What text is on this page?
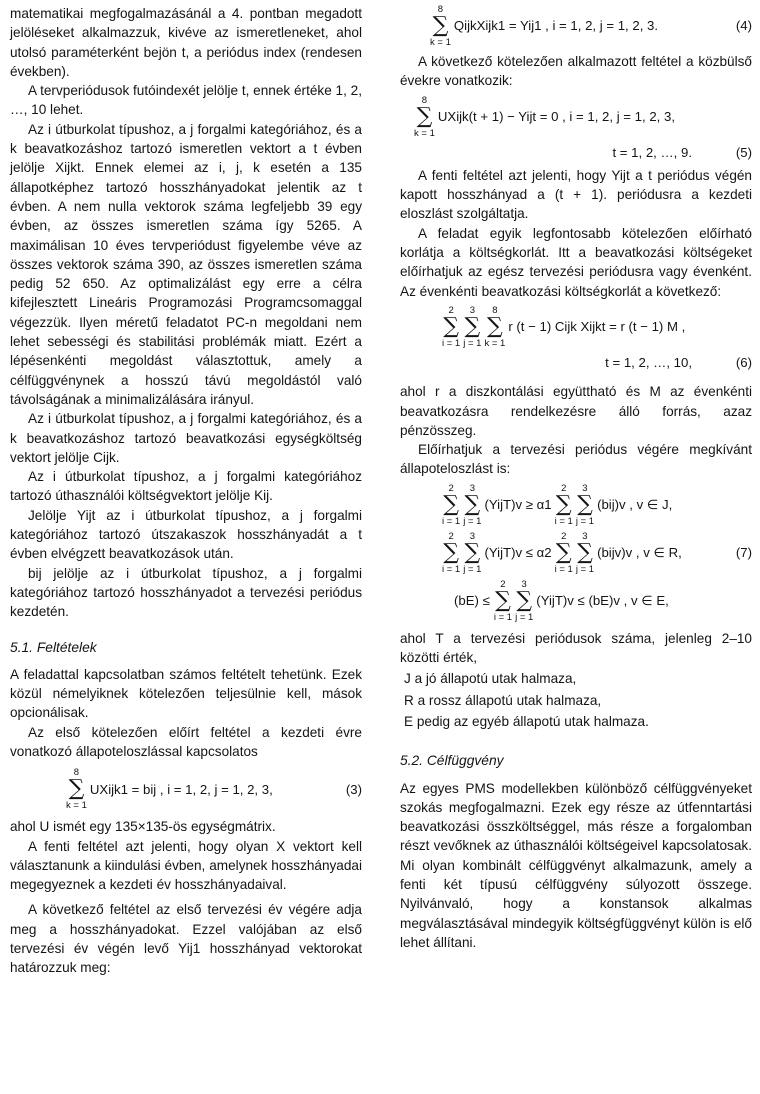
matematikai megfogalmazásánál a 4. pontban megadott jelöléseket alkalmazzuk, kivéve az ismeretleneket, ahol utolsó paraméterként bejön t, a periódus index (rendesen években).

A tervperiódusok futóindexét jelölje t, ennek értéke 1, 2, …, 10 lehet.

Az i útburkolat típushoz, a j forgalmi kategóriához, és a k beavatkozáshoz tartozó ismeretlen vektort a t évben jelölje Xijkt. Ennek elemei az i, j, k esetén a 135 állapotképhez tartozó hosszhányadokat jelentik az t évben. A nem nulla vektorok száma legfeljebb 39 egy évben, az összes ismeretlen száma így 5265. A maximálisan 10 éves tervperiódust figyelembe véve az összes vektorok száma 390, az összes ismeretlen száma pedig 52 650. Az optimalizálást egy erre a célra kifejlesztett Lineáris Programozási Programcsomaggal végezzük. Ilyen méretű feladatot PC-n megoldani nem lehet sebességi és stabilitási problémák miatt. Ezért a lépésenkénti megoldást választottuk, amely a célfüggvénynek a hosszú távú megoldástól való távolságának a minimalizálására irányul.

Az i útburkolat típushoz, a j forgalmi kategóriához, és a k beavatkozáshoz tartozó beavatkozási egységköltség vektort jelölje Cijk.

Az i útburkolat típushoz, a j forgalmi kategóriához tartozó úthasználói költségvektort jelölje Kij.

Jelölje Yijt az i útburkolat típushoz, a j forgalmi kategóriához tartozó útszakaszok hosszhányadát a t évben elvégzett beavatkozások után.

bij jelölje az i útburkolat típushoz, a j forgalmi kategóriához tartozó hosszhányadot a tervezési periódus kezdetén.

5.1. Feltételek

A feladattal kapcsolatban számos feltételt tehetünk. Ezek közül némelyiknek kötelezően teljesülnie kell, mások opcionálisak.

Az első kötelezően előírt feltétel a kezdeti évre vonatkozó állapoteloszlással kapcsolatos

8
∑
k = 1
UXijk1 = bij , i = 1, 2, j = 1, 2, 3,	(3)

ahol U ismét egy 135×135-ös egységmátrix.

A fenti feltétel azt jelenti, hogy olyan X vektort kell választanunk a kiindulási évben, amelynek hosszhányadai megegyeznek a kezdeti év hosszhányadaival.

A következő feltétel az első tervezési év végére adja meg a hosszhányadokat. Ezzel valójában az első tervezési év végén levő Yij1 hosszhányad vektorokat határozzuk meg:

8
∑
k = 1
QijkXijk1 = Yij1 , i = 1, 2, j = 1, 2, 3.	(4)

A következő kötelezően alkalmazott feltétel a közbülső évekre vonatkozik:

8
∑
k = 1
UXijk(t + 1) − Yijt = 0 , i = 1, 2, j = 1, 2, 3,
t = 1, 2, …, 9.	(5)

A fenti feltétel azt jelenti, hogy Yijt a t periódus végén kapott hosszhányad a (t + 1). periódusra a kezdeti eloszlást szolgáltatja.

A feladat egyik legfontosabb kötelezően előírható korlátja a költségkorlát. Itt a beavatkozási költségeket előírhatjuk az egész tervezési periódusra vagy évenként. Az évenkénti beavatkozási költségkorlát a következő:

2
∑
i = 1
3
∑
j = 1
8
∑
k = 1
r (t − 1) Cijk Xijkt = r (t − 1) M ,
t = 1, 2, …, 10,	(6)

ahol r a diszkontálási együttható és M az évenkénti beavatkozásra rendelkezésre álló forrás, azaz pénzösszeg.

Előírhatjuk a tervezési periódus végére megkívánt állapoteloszlást is:

2
∑
i = 1
3
∑
j = 1
(YijT)v ≥ α1
2
∑
i = 1
3
∑
j = 1
(bij)v , v ∈ J,
2
∑
i = 1
3
∑
j = 1
(YijT)v ≤ α2
2
∑
i = 1
3
∑
j = 1
(bijv)v , v ∈ R,	(7)
(bE) ≤
2
∑
i = 1
3
∑
j = 1
(YijT)v ≤ (bE)v , v ∈ E,

ahol T a tervezési periódusok száma, jelenleg 2–10 közötti érték,

J a jó állapotú utak halmaza,

R a rossz állapotú utak halmaza,

E pedig az egyéb állapotú utak halmaza.

5.2. Célfüggvény

Az egyes PMS modellekben különböző célfüggvényeket szokás megfogalmazni. Ezek egy része az útfenntartási beavatkozási összköltséggel, más része a forgalomban részt vevőknek az úthasználói költségeivel kapcsolatosak. Mi olyan kombinált célfüggvényt alkalmazunk, amely a fenti két típusú célfüggvény súlyozott összege. Nyilvánvaló, hogy a konstansok alkalmas megválasztásával mindegyik költségfüggvényt külön is elő lehet állítani.
